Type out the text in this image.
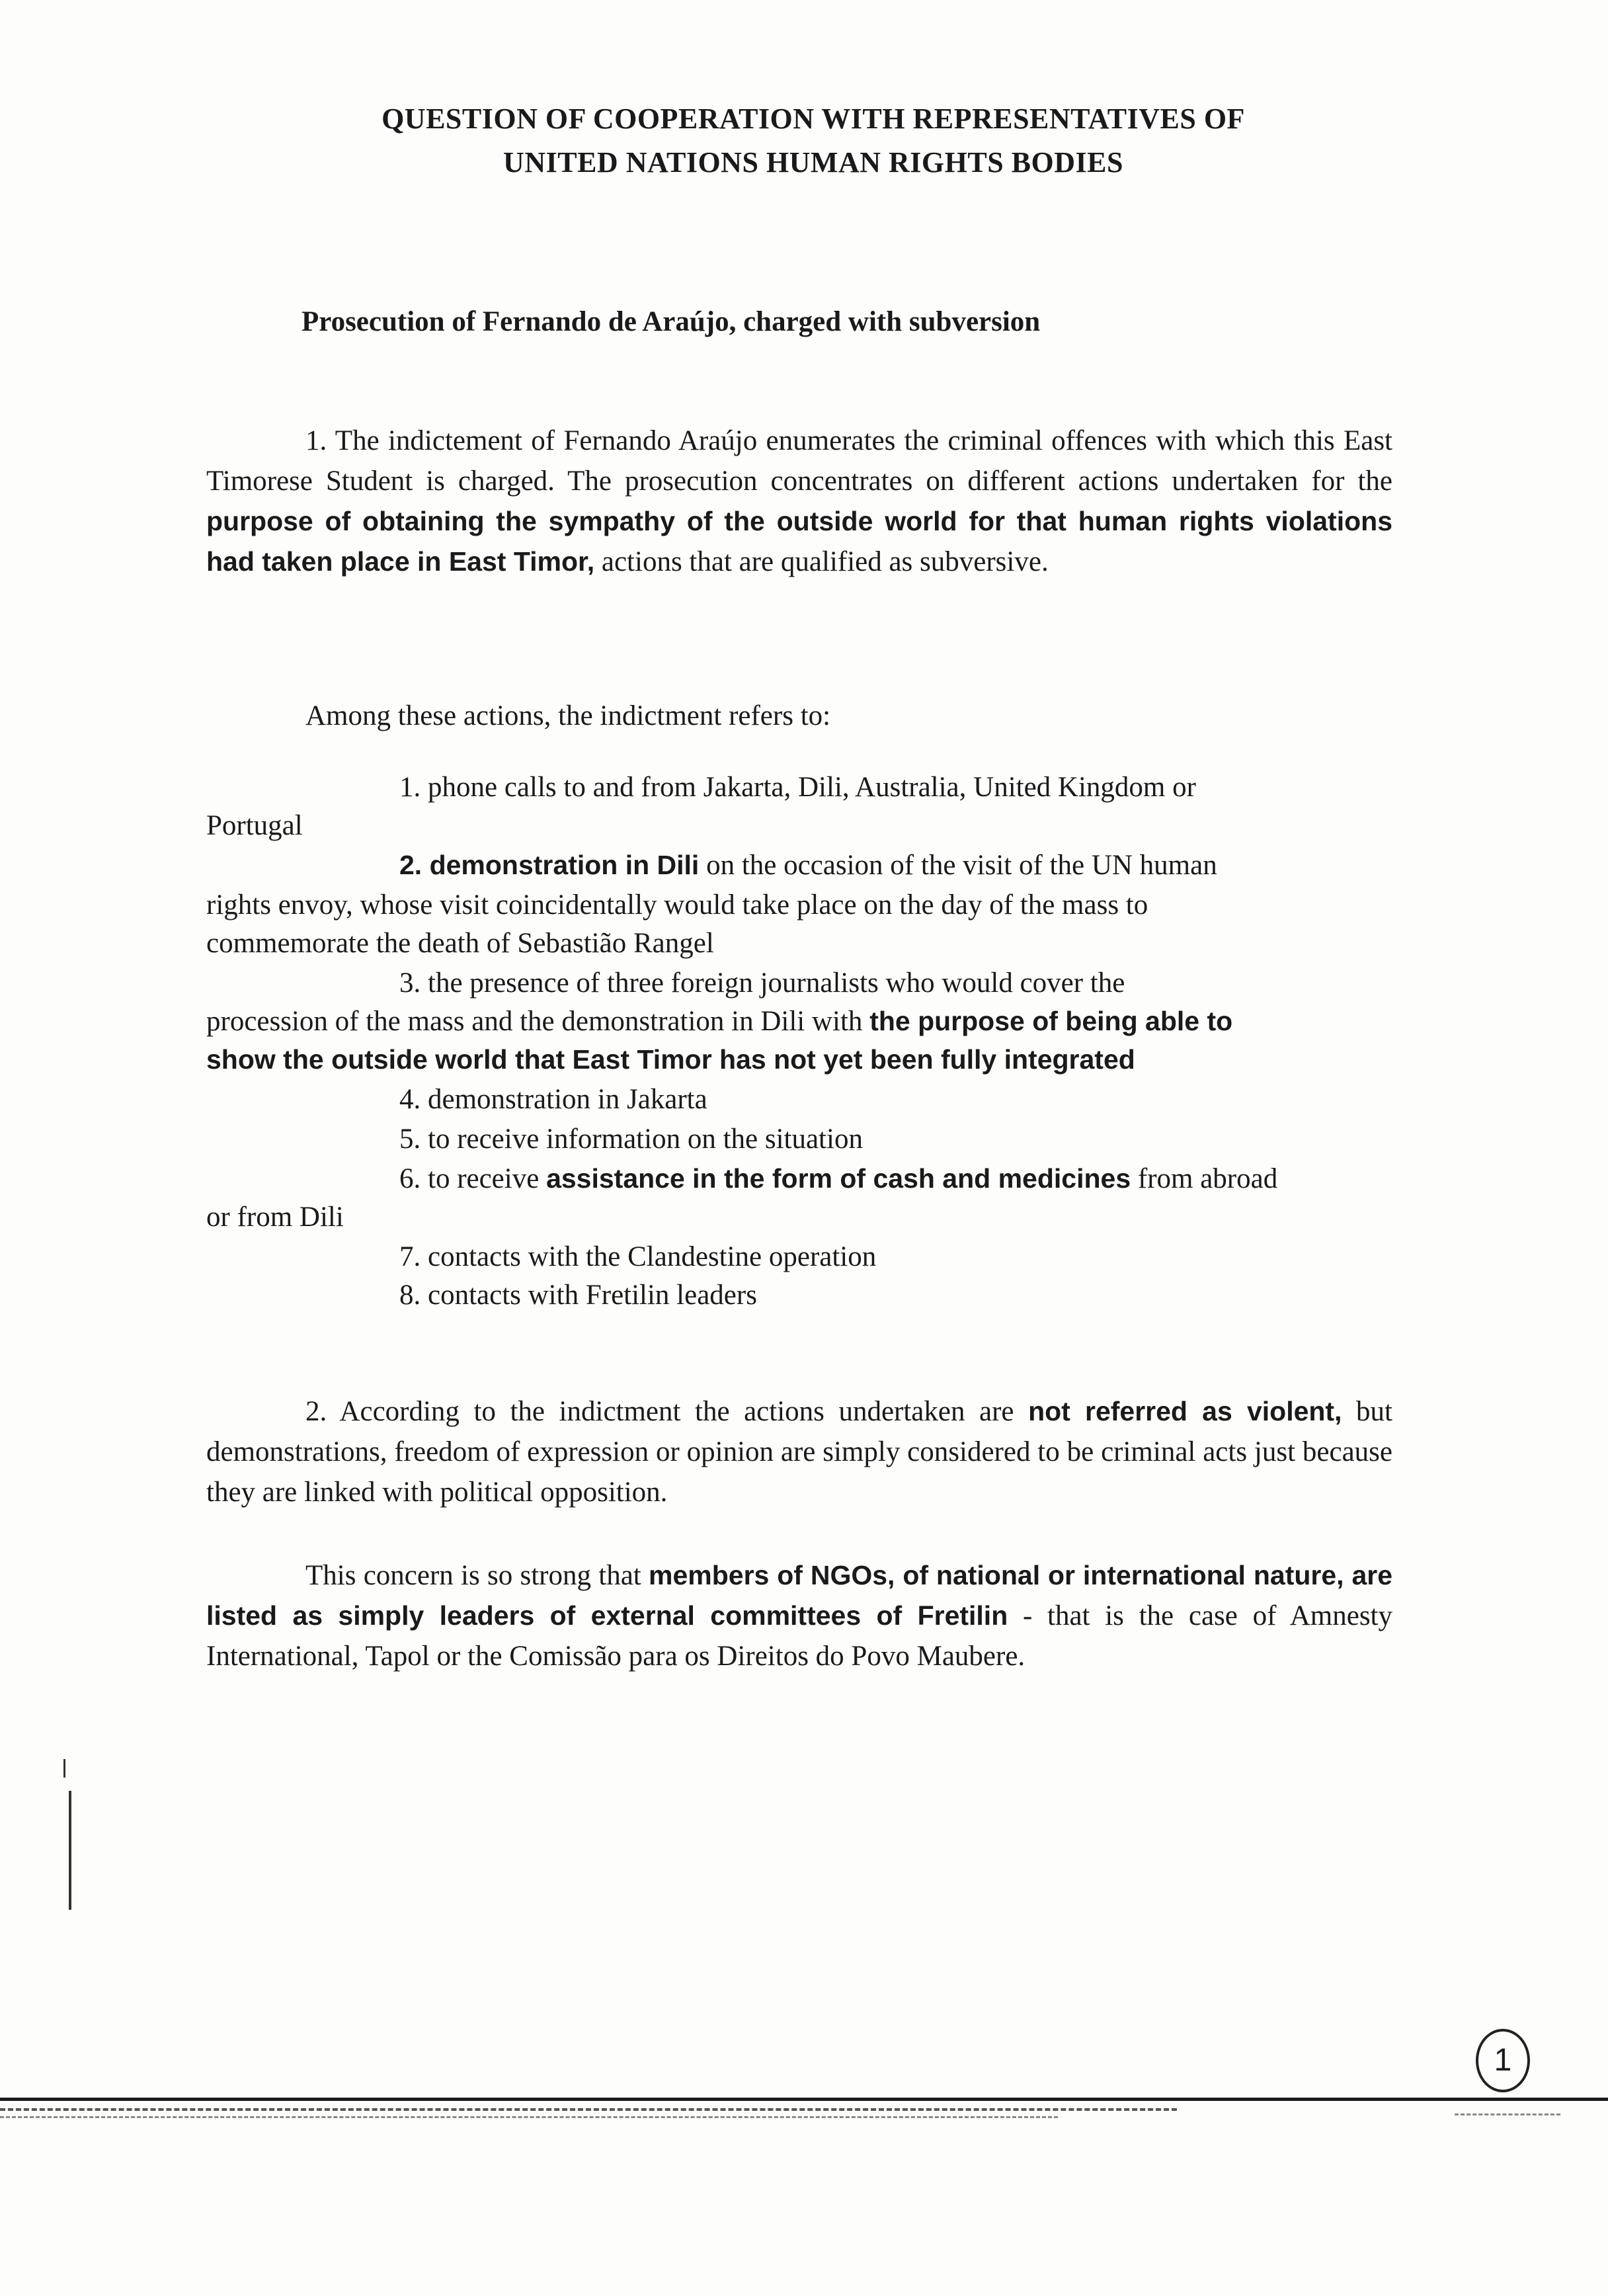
QUESTION OF COOPERATION WITH REPRESENTATIVES OF
UNITED NATIONS HUMAN RIGHTS BODIES
Prosecution of Fernando de Araújo, charged with subversion
1. The indictement of Fernando Araújo enumerates the criminal offences with which this East Timorese Student is charged. The prosecution concentrates on different actions undertaken for the purpose of obtaining the sympathy of the outside world for that human rights violations had taken place in East Timor, actions that are qualified as subversive.
Among these actions, the indictment refers to:
1. phone calls to and from Jakarta, Dili, Australia, United Kingdom or
Portugal
2. demonstration in Dili on the occasion of the visit of the UN human
rights envoy, whose visit coincidentally would take place on the day of the mass to
commemorate the death of Sebastião Rangel
3. the presence of three foreign journalists who would cover the
procession of the mass and the demonstration in Dili with the purpose of being able to
show the outside world that East Timor has not yet been fully integrated
4. demonstration in Jakarta
5. to receive information on the situation
6. to receive assistance in the form of cash and medicines from abroad
or from Dili
7. contacts with the Clandestine operation
8. contacts with Fretilin leaders
2. According to the indictment the actions undertaken are not referred as violent, but demonstrations, freedom of expression or opinion are simply considered to be criminal acts just because they are linked with political opposition.
This concern is so strong that members of NGOs, of national or international nature, are listed as simply leaders of external committees of Fretilin - that is the case of Amnesty International, Tapol or the Comissão para os Direitos do Povo Maubere.
1
